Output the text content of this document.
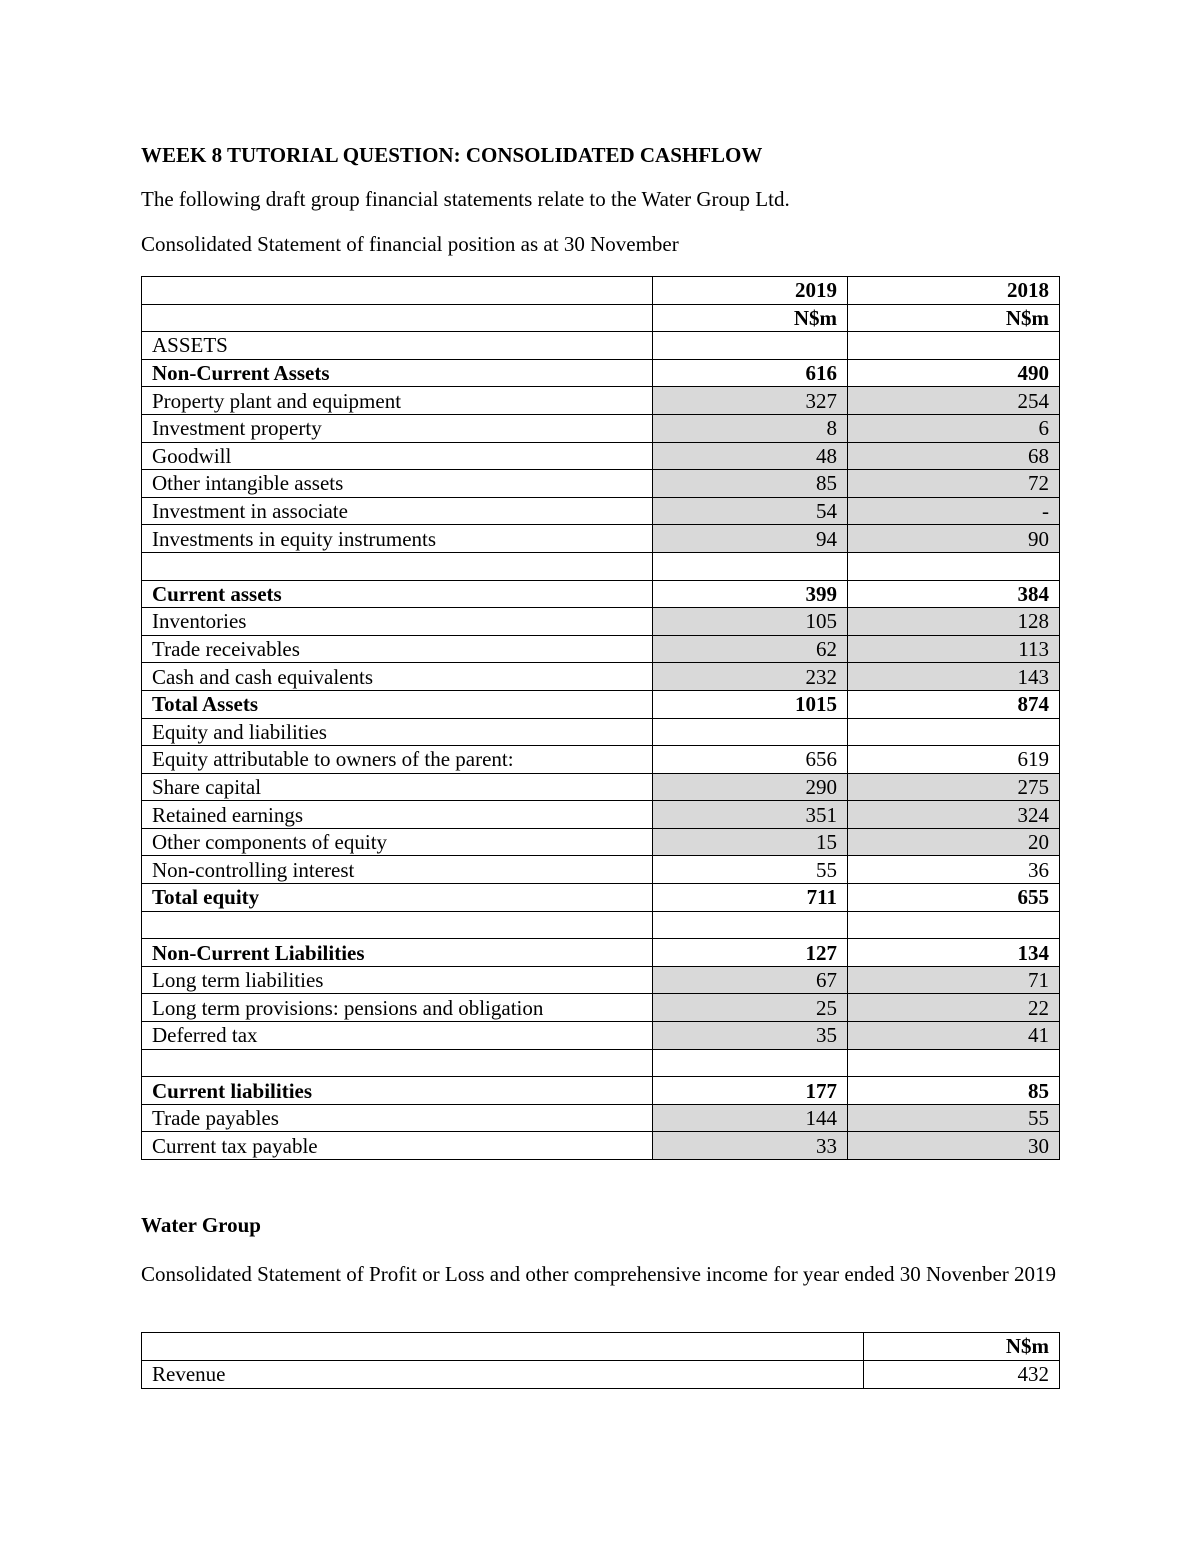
WEEK 8 TUTORIAL QUESTION: CONSOLIDATED CASHFLOW
The following draft group financial statements relate to the Water Group Ltd.
Consolidated Statement of financial position as at 30 November
	2019	2018
	N$m	N$m
ASSETS		
Non-Current Assets	616	490
Property plant and equipment	327	254
Investment property	8	6
Goodwill	48	68
Other intangible assets	85	72
Investment in associate	54	-
Investments in equity instruments	94	90

Current assets	399	384
Inventories	105	128
Trade receivables	62	113
Cash and cash equivalents	232	143
Total Assets	1015	874
Equity and liabilities		
Equity attributable to owners of the parent:	656	619
Share capital	290	275
Retained earnings	351	324
Other components of equity	15	20
Non-controlling interest	55	36
Total equity	711	655

Non-Current Liabilities	127	134
Long term liabilities	67	71
Long term provisions: pensions and obligation	25	22
Deferred tax	35	41

Current liabilities	177	85
Trade payables	144	55
Current tax payable	33	30
Water Group
Consolidated Statement of Profit or Loss and other comprehensive income for year ended 30 Novenber 2019
	N$m
Revenue	432
